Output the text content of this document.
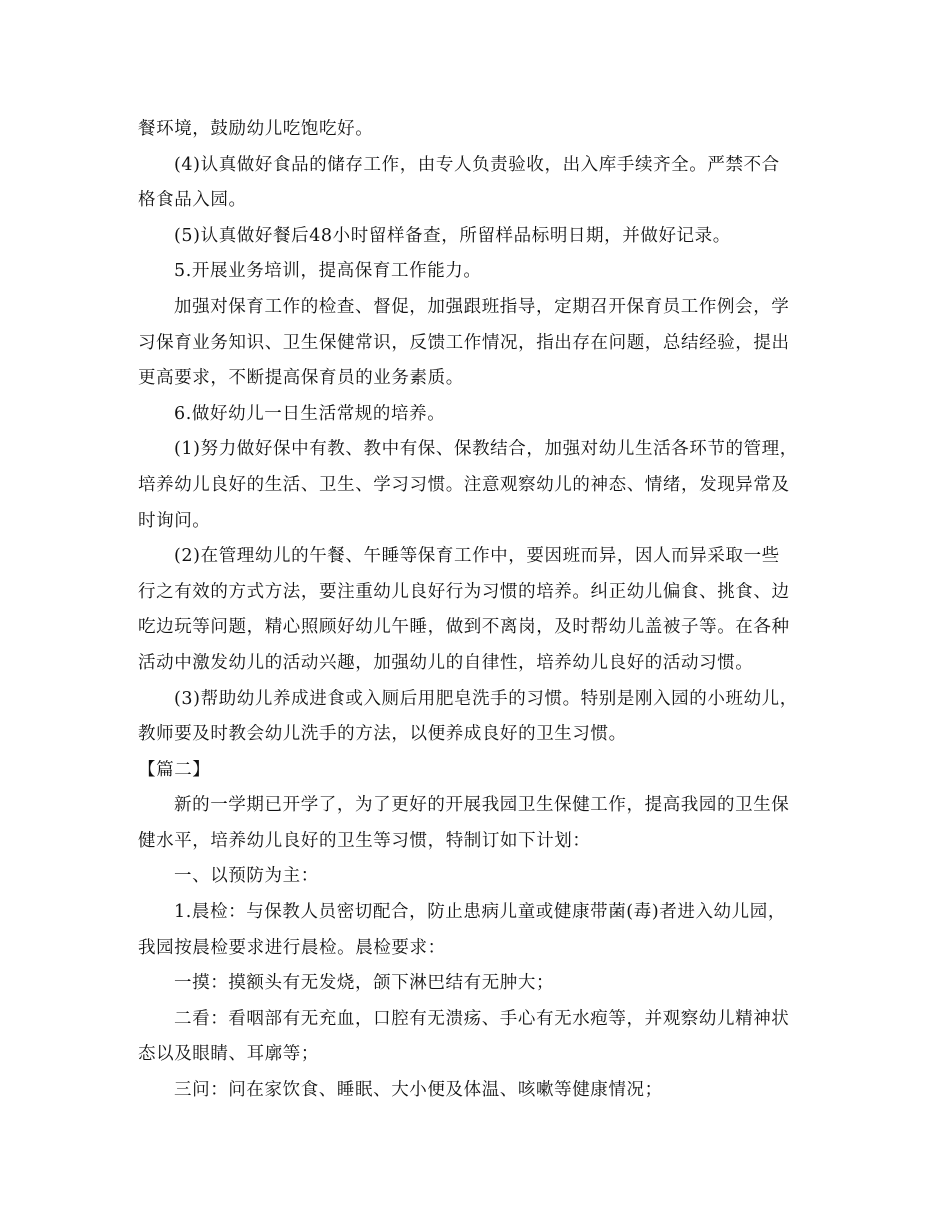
餐环境，鼓励幼儿吃饱吃好。
(4)认真做好食品的储存工作，由专人负责验收，出入库手续齐全。严禁不合
格食品入园。
(5)认真做好餐后48小时留样备查，所留样品标明日期，并做好记录。
5.开展业务培训，提高保育工作能力。
加强对保育工作的检查、督促，加强跟班指导，定期召开保育员工作例会，学
习保育业务知识、卫生保健常识，反馈工作情况，指出存在问题，总结经验，提出
更高要求，不断提高保育员的业务素质。
6.做好幼儿一日生活常规的培养。
(1)努力做好保中有教、教中有保、保教结合，加强对幼儿生活各环节的管理，
培养幼儿良好的生活、卫生、学习习惯。注意观察幼儿的神态、情绪，发现异常及
时询问。
(2)在管理幼儿的午餐、午睡等保育工作中，要因班而异，因人而异采取一些
行之有效的方式方法，要注重幼儿良好行为习惯的培养。纠正幼儿偏食、挑食、边
吃边玩等问题，精心照顾好幼儿午睡，做到不离岗，及时帮幼儿盖被子等。在各种
活动中激发幼儿的活动兴趣，加强幼儿的自律性，培养幼儿良好的活动习惯。
(3)帮助幼儿养成进食或入厕后用肥皂洗手的习惯。特别是刚入园的小班幼儿，
教师要及时教会幼儿洗手的方法，以便养成良好的卫生习惯。
【篇二】
新的一学期已开学了，为了更好的开展我园卫生保健工作，提高我园的卫生保
健水平，培养幼儿良好的卫生等习惯，特制订如下计划：
一、以预防为主：
1.晨检：与保教人员密切配合，防止患病儿童或健康带菌(毒)者进入幼儿园，
我园按晨检要求进行晨检。晨检要求：
一摸：摸额头有无发烧，颌下淋巴结有无肿大；
二看：看咽部有无充血，口腔有无溃疡、手心有无水疱等，并观察幼儿精神状
态以及眼睛、耳廓等；
三问：问在家饮食、睡眠、大小便及体温、咳嗽等健康情况；
